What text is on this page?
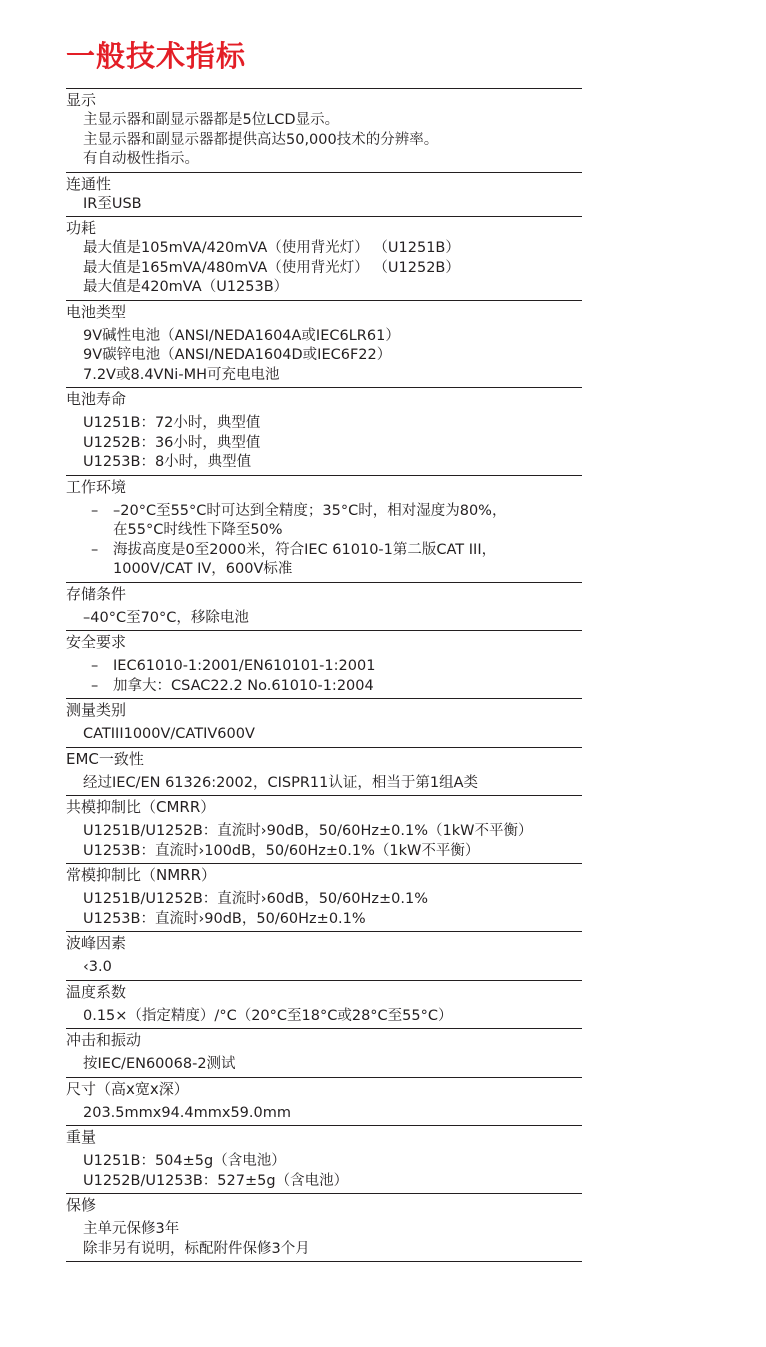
一般技术指标
显示
主显示器和副显示器都是5位LCD显示。
主显示器和副显示器都提供高达50,000技术的分辨率。
有自动极性指示。
连通性
IR至USB
功耗
最大值是105mVA/420mVA（使用背光灯） （U1251B）
最大值是165mVA/480mVA（使用背光灯） （U1252B）
最大值是420mVA（U1253B）
电池类型
9V碱性电池（ANSI/NEDA1604A或IEC6LR61）
9V碳锌电池（ANSI/NEDA1604D或IEC6F22）
7.2V或8.4VNi-MH可充电电池
电池寿命
U1251B：72小时，典型值
U1252B：36小时，典型值
U1253B：8小时，典型值
工作环境
–	–20°C至55°C时可达到全精度；35°C时，相对湿度为80%，
在55°C时线性下降至50%
–	海拔高度是0至2000米，符合IEC 61010-1第二版CAT III，
1000V/CAT IV，600V标准
存储条件
–40°C至70°C，移除电池
安全要求
–	IEC61010-1:2001/EN610101-1:2001
–	加拿大：CSAC22.2 No.61010-1:2004
测量类别
CATIII1000V/CATIV600V
EMC一致性
经过IEC/EN 61326:2002，CISPR11认证，相当于第1组A类
共模抑制比（CMRR）
U1251B/U1252B：直流时›90dB，50/60Hz±0.1%（1kW不平衡）
U1253B：直流时›100dB，50/60Hz±0.1%（1kW不平衡）
常模抑制比（NMRR）
U1251B/U1252B：直流时›60dB，50/60Hz±0.1%
U1253B：直流时›90dB，50/60Hz±0.1%
波峰因素
‹3.0
温度系数
0.15×（指定精度）/°C（20°C至18°C或28°C至55°C）
冲击和振动
按IEC/EN60068-2测试
尺寸（高x宽x深）
203.5mmx94.4mmx59.0mm
重量
U1251B：504±5g（含电池）
U1252B/U1253B：527±5g（含电池）
保修
主单元保修3年
除非另有说明，标配附件保修3个月
